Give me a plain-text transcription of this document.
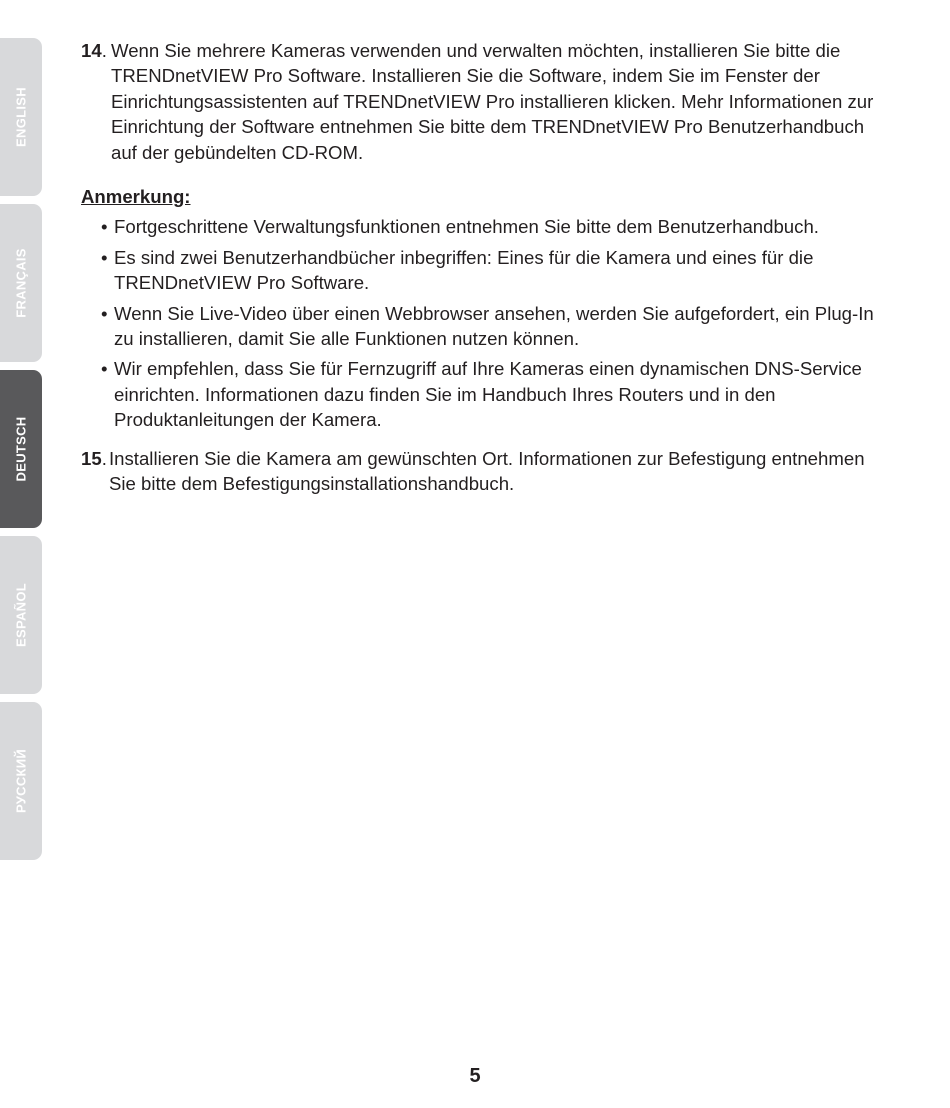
ENGLISH
FRANÇAIS
DEUTSCH
ESPAÑOL
РУССКИЙ

14. Wenn Sie mehrere Kameras verwenden und verwalten möchten, installieren Sie bitte die TRENDnetVIEW Pro Software. Installieren Sie die Software, indem Sie im Fenster der Einrichtungsassistenten auf TRENDnetVIEW Pro installieren klicken. Mehr Informationen zur Einrichtung der Software entnehmen Sie bitte dem TRENDnetVIEW Pro Benutzerhandbuch auf der gebündelten CD-ROM.

Anmerkung:

• Fortgeschrittene Verwaltungsfunktionen entnehmen Sie bitte dem Benutzerhandbuch.
• Es sind zwei Benutzerhandbücher inbegriffen: Eines für die Kamera und eines für die TRENDnetVIEW Pro Software.
• Wenn Sie Live-Video über einen Webbrowser ansehen, werden Sie aufgefordert, ein Plug-In zu installieren, damit Sie alle Funktionen nutzen können.
• Wir empfehlen, dass Sie für Fernzugriff auf Ihre Kameras einen dynamischen DNS-Service einrichten. Informationen dazu finden Sie im Handbuch Ihres Routers und in den Produktanleitungen der Kamera.

15. Installieren Sie die Kamera am gewünschten Ort. Informationen zur Befestigung entnehmen Sie bitte dem Befestigungsinstallationshandbuch.

5
